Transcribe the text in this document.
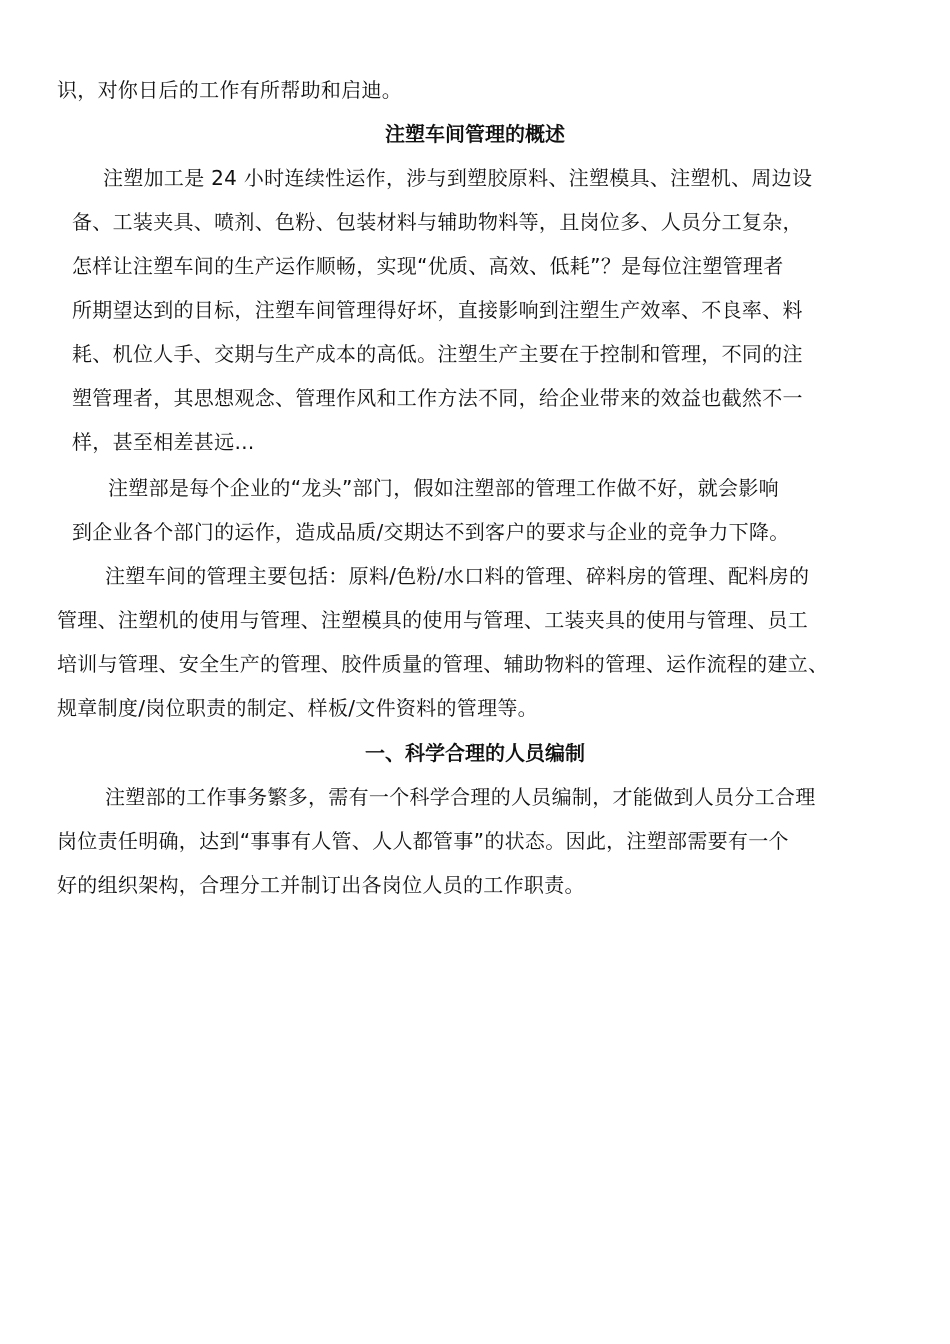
识，对你日后的工作有所帮助和启迪。
注塑车间管理的概述
注塑加工是 24 小时连续性运作，涉与到塑胶原料、注塑模具、注塑机、周边设
备、工装夹具、喷剂、色粉、包装材料与辅助物料等，且岗位多、人员分工复杂，
怎样让注塑车间的生产运作顺畅，实现“优质、高效、低耗”？是每位注塑管理者
所期望达到的目标，注塑车间管理得好坏，直接影响到注塑生产效率、不良率、料
耗、机位人手、交期与生产成本的高低。注塑生产主要在于控制和管理，不同的注
塑管理者，其思想观念、管理作风和工作方法不同，给企业带来的效益也截然不一
样，甚至相差甚远…
注塑部是每个企业的“龙头”部门，假如注塑部的管理工作做不好，就会影响
到企业各个部门的运作，造成品质/交期达不到客户的要求与企业的竞争力下降。
注塑车间的管理主要包括：原料/色粉/水口料的管理、碎料房的管理、配料房的
管理、注塑机的使用与管理、注塑模具的使用与管理、工装夹具的使用与管理、员工
培训与管理、安全生产的管理、胶件质量的管理、辅助物料的管理、运作流程的建立、
规章制度/岗位职责的制定、样板/文件资料的管理等。
一、科学合理的人员编制
注塑部的工作事务繁多，需有一个科学合理的人员编制，才能做到人员分工合理
岗位责任明确，达到“事事有人管、人人都管事”的状态。因此，注塑部需要有一个
好的组织架构，合理分工并制订出各岗位人员的工作职责。
